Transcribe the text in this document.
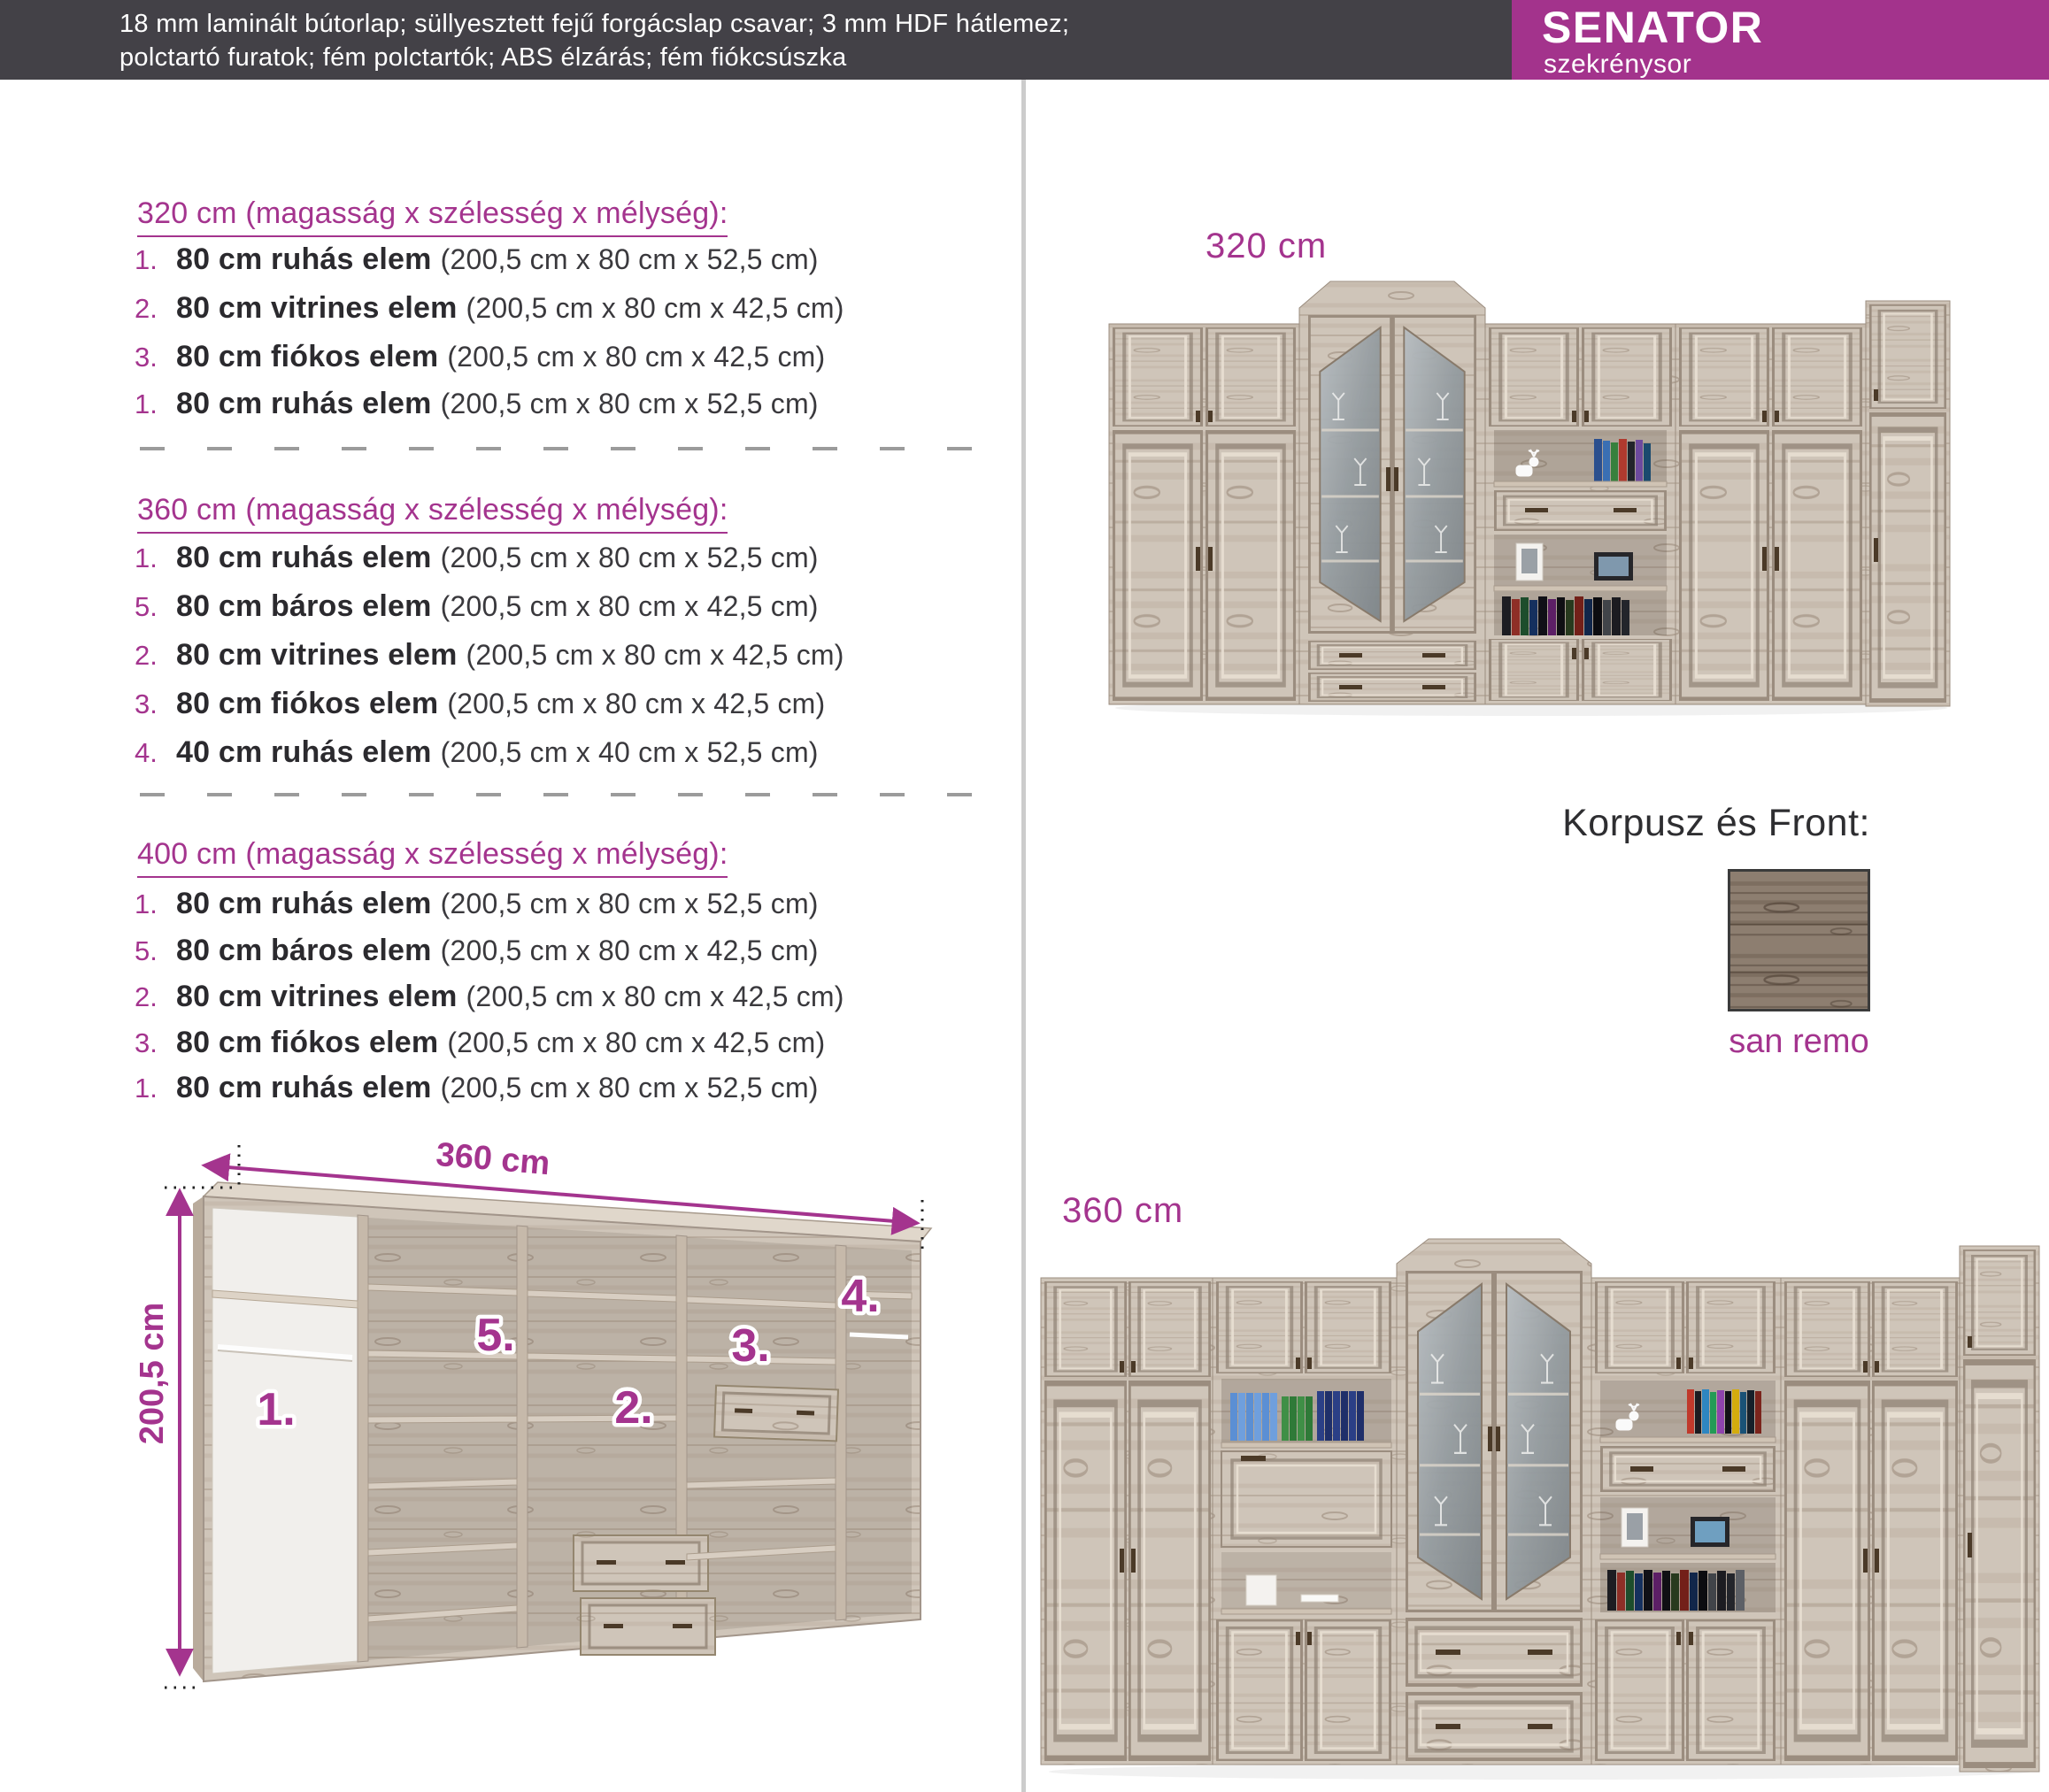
18 mm laminált bútorlap; süllyesztett fejű forgácslap csavar; 3 mm HDF hátlemez;
polctartó furatok; fém polctartók; ABS élzárás; fém fiókcsúszka
SENATOR
szekrénysor
320 cm (magasság x szélesség x mélység):
1. 80 cm ruhás elem (200,5 cm x 80 cm x 52,5 cm)
2. 80 cm vitrines elem (200,5 cm x 80 cm x 42,5 cm)
3. 80 cm fiókos elem (200,5 cm x 80 cm x 42,5 cm)
1. 80 cm ruhás elem (200,5 cm x 80 cm x 52,5 cm)
360 cm (magasság x szélesség x mélység):
1. 80 cm ruhás elem (200,5 cm x 80 cm x 52,5 cm)
5. 80 cm báros elem (200,5 cm x 80 cm x 42,5 cm)
2. 80 cm vitrines elem (200,5 cm x 80 cm x 42,5 cm)
3. 80 cm fiókos elem (200,5 cm x 80 cm x 42,5 cm)
4. 40 cm ruhás elem (200,5 cm x 40 cm x 52,5 cm)
400 cm (magasság x szélesség x mélység):
1. 80 cm ruhás elem (200,5 cm x 80 cm x 52,5 cm)
5. 80 cm báros elem (200,5 cm x 80 cm x 42,5 cm)
2. 80 cm vitrines elem (200,5 cm x 80 cm x 42,5 cm)
3. 80 cm fiókos elem (200,5 cm x 80 cm x 42,5 cm)
1. 80 cm ruhás elem (200,5 cm x 80 cm x 52,5 cm)
320 cm
360 cm
Korpusz és Front:
san remo
360 cm
200,5 cm 1.
5.
2.
3.
4.
